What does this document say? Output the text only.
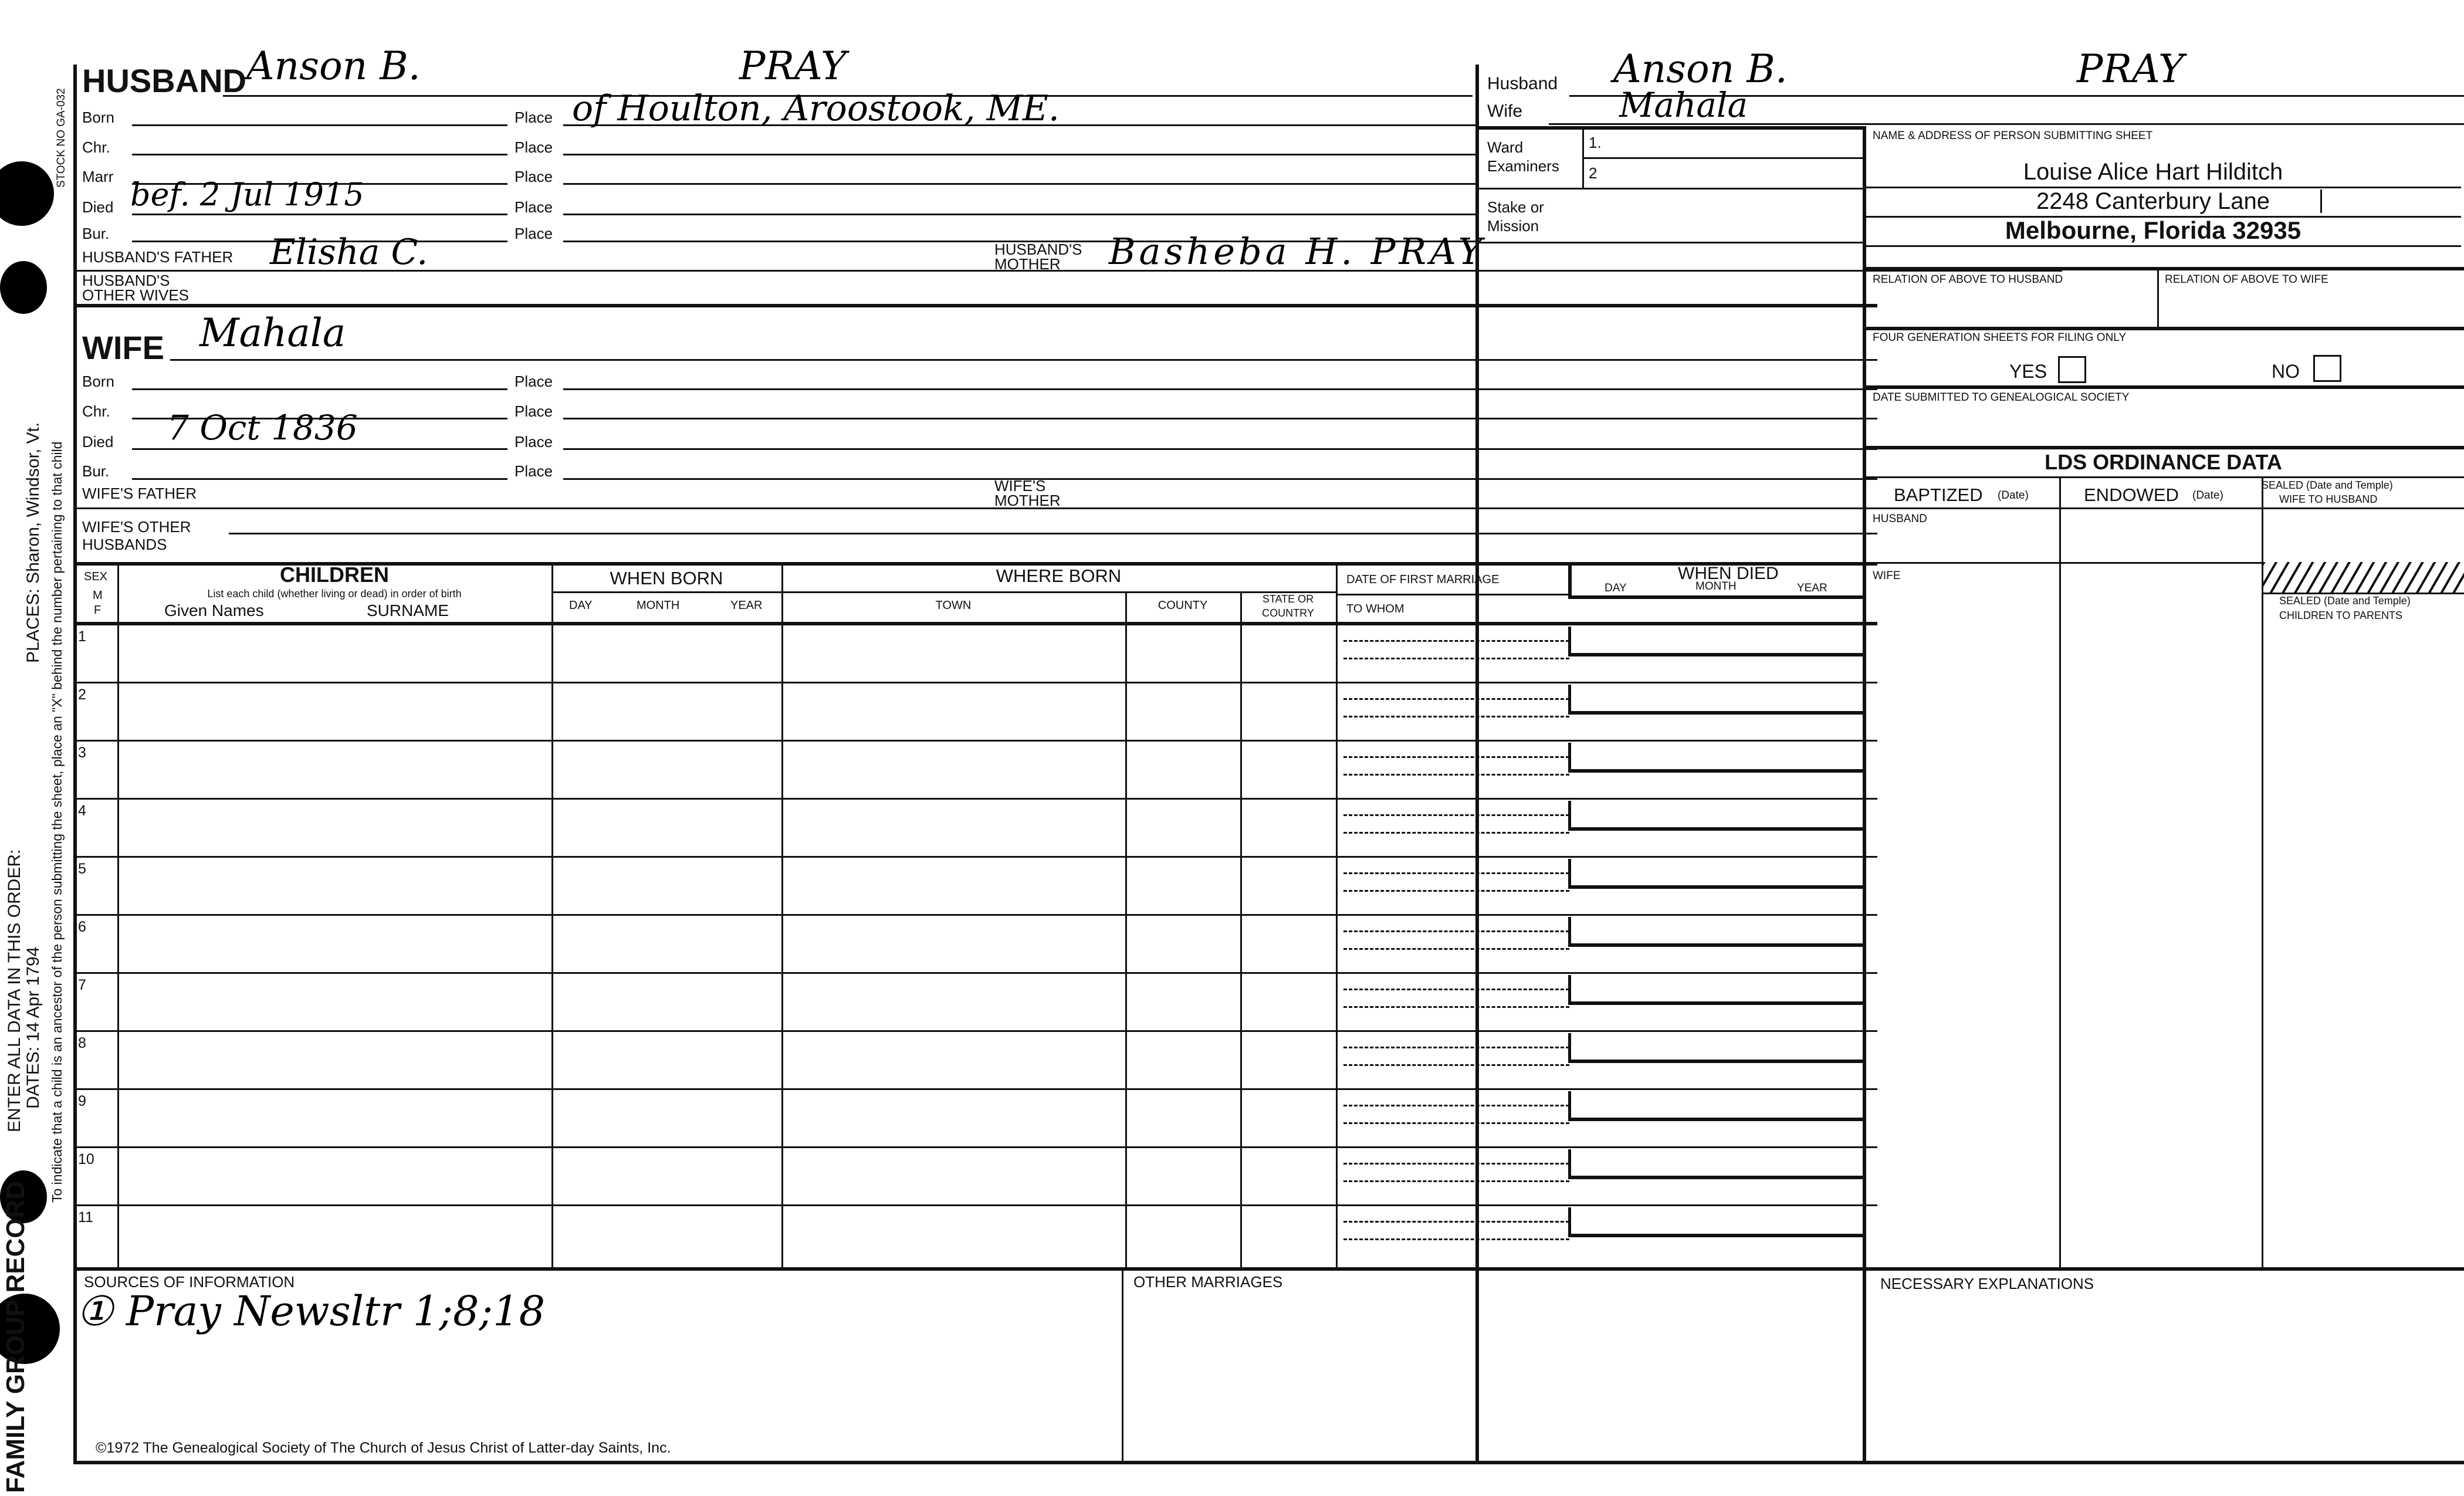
STOCK NO GA-032
FAMILY GROUP RECORD
ENTER ALL DATA IN THIS ORDER: DATES: 14 Apr 1794
PLACES: Sharon, Windsor, Vt. To indicate that a child is an ancestor of the person submitting the sheet, place an "X" behind the number pertaining to that child
HUSBAND Anson B.	PRAY
Born	Place of Houlton, Aroostook, ME.
Chr.	Place
Marr	Place
Died bef. 2 Jul 1915	Place
Bur.	Place
HUSBAND'S FATHER Elisha C.	HUSBAND'S
MOTHER Basheba H. PRAY
HUSBAND'S
OTHER WIVES
WIFE Mahala
Born	Place
Chr.	Place
Died 7 Oct 1836	Place
Bur.	Place
WIFE'S FATHER	WIFE'S
MOTHER
WIFE'S OTHER
HUSBANDS
Husband Anson B.	PRAY
Wife	Mahala
Ward
Examiners
1.
2
Stake or
Mission
NAME & ADDRESS OF PERSON SUBMITTING SHEET
Louise Alice Hart Hilditch
2248 Canterbury Lane
Melbourne, Florida 32935
RELATION OF ABOVE TO HUSBAND	RELATION OF ABOVE TO WIFE
FOUR GENERATION SHEETS FOR FILING ONLY
YES	NO
DATE SUBMITTED TO GENEALOGICAL SOCIETY
LDS ORDINANCE DATA
BAPTIZED (Date)	ENDOWED (Date)
SEALED (Date and Temple)
WIFE TO HUSBAND
HUSBAND
WIFE
SEALED (Date and Temple)
CHILDREN TO PARENTS
SEX
M
F
CHILDREN
List each child (whether living or dead) in order of birth
Given Names	SURNAME
WHEN BORN
DAY	MONTH	YEAR
WHERE BORN
TOWN	COUNTY	STATE OR
COUNTRY
DATE OF FIRST MARRIAGE
TO WHOM
WHEN DIED
DAY	MONTH	YEAR
1
2
3
4
5
6
7
8
9
10
11
SOURCES OF INFORMATION
① Pray Newsltr 1;8;18
OTHER MARRIAGES	NECESSARY EXPLANATIONS
©1972 The Genealogical Society of The Church of Jesus Christ of Latter-day Saints, Inc.
